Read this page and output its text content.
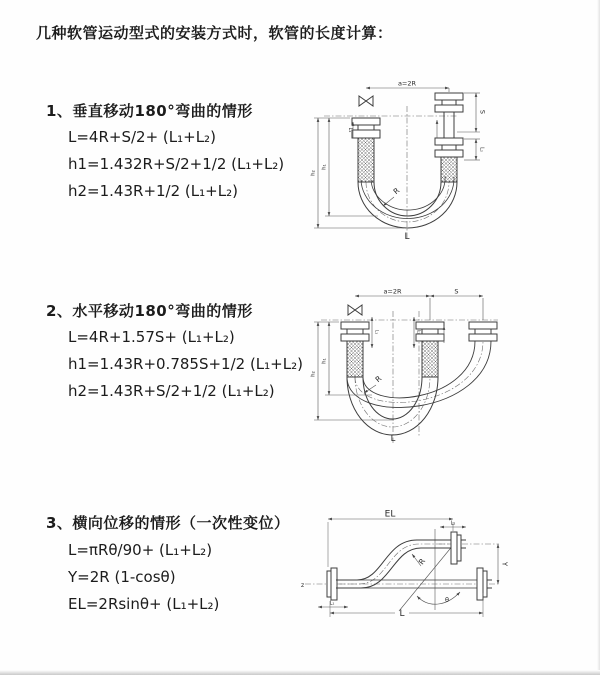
几种软管运动型式的安装方式时，软管的长度计算：
1、垂直移动180°弯曲的情形
L=4R+S/2+ (L₁+L₂)
h1=1.432R+S/2+1/2 (L₁+L₂)
h2=1.43R+1/2 (L₁+L₂)
2、水平移动180°弯曲的情形
L=4R+1.57S+ (L₁+L₂)
h1=1.43R+0.785S+1/2 (L₁+L₂)
h2=1.43R+S/2+1/2 (L₁+L₂)
3、横向位移的情形（一次性变位）
L=πRθ/90+ (L₁+L₂)
Y=2R (1-cosθ)
EL=2Rsinθ+ (L₁+L₂)
a=2R
S
L₂
L₁
h₂
h₁
R
L
a=2R	S
L₁	L₂
h₂
h₁
R
L
EL
L₂
Y
L
L₁
R
θ
z
